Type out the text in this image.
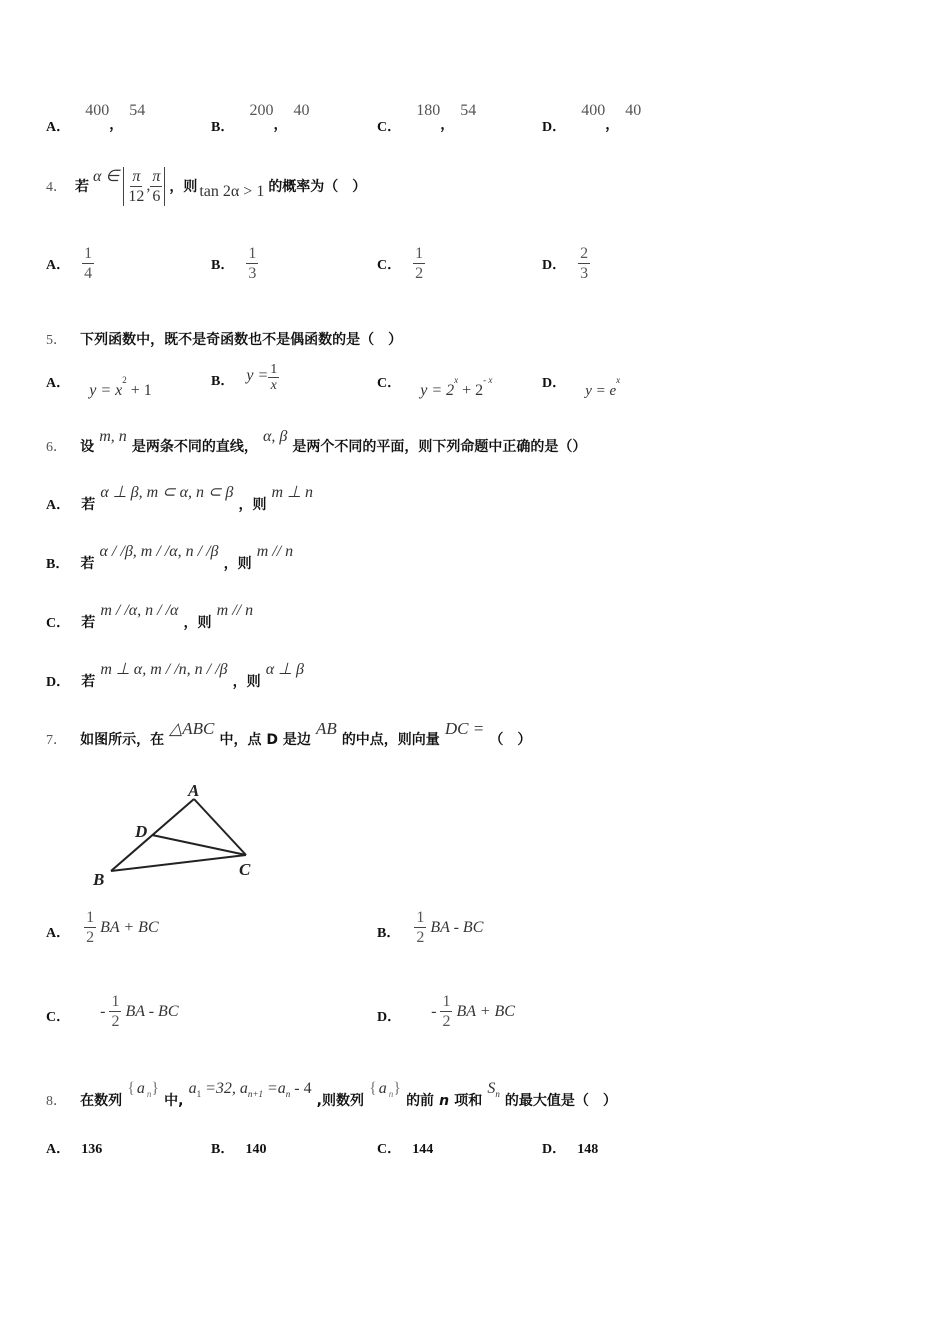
A． 400，54
B． 200，40
C． 180，54
D． 400，40
4． 若
α ∈ $\frac{\pi}{12}$ , $\frac{\pi}{6}$ ，则 tan 2α > 1 的概率为（　）
A． $\frac{1}{4}$	B． $\frac{1}{3}$	C． $\frac{1}{2}$	D． $\frac{2}{3}$
5． 下列函数中，既不是奇函数也不是偶函数的是（　）
A． $y = x^2 + 1$
B． $y = \frac{1}{x}$	C． $y = 2^x + 2^{- x}$	D． $y = e^x$
6． 设 m, n 是两条不同的直线， α, β 是两个不同的平面，则下列命题中正确的是（）
A． 若 α ⊥ β, m ⊂ α, n ⊂ β ，则 m ⊥ n
B． 若 α / /β, m / /α, n / /β ，则 m // n
C． 若 m / /α, n / /α ，则 m // n
D． 若 m ⊥ α, m / /n, n / /β ，则 α ⊥ β
7． 如图所示，在 △ABC 中，点 D 是边 AB 的中点，则向量 DC = （　）
A
D
B
C
A． $\frac{1}{2}$ BA + BC	B． $\frac{1}{2}$ BA - BC
C． - $\frac{1}{2}$ BA - BC	D． - $\frac{1}{2}$ BA + BC
8． 在数列 { a $_n$} 中, $a_1 =32$, $a_{n+1} =a_n - 4$ ,则数列 { a $_n$} 的前 n 项和 $S_n$ 的最大值是（　）
A． 136	B． 140	C． 144	D． 148
